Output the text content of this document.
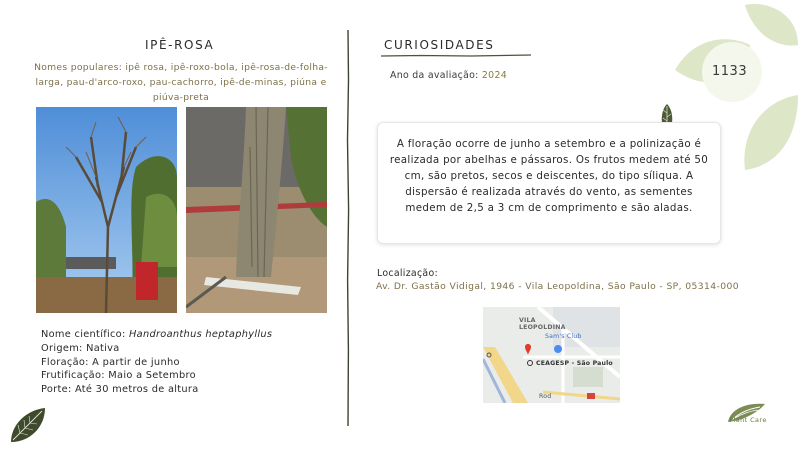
IPÊ-ROSA
Nomes populares: ipê rosa, ipê-roxo-bola, ipê-rosa-de-folha-larga, pau-d'arco-roxo, pau-cachorro, ipê-de-minas, piúna e piúva-preta
Nome científico: Handroanthus heptaphyllus
Origem: Nativa
Floração: A partir de junho
Frutificação: Maio a Setembro
Porte: Até 30 metros de altura
CURIOSIDADES
Ano da avaliação: 2024	1133
A floração ocorre de junho a setembro e a polinização é realizada por abelhas e pássaros. Os frutos medem até 50 cm, são pretos, secos e deiscentes, do tipo síliqua. A dispersão é realizada através do vento, as sementes medem de 2,5 a 3 cm de comprimento e são aladas.
Localização:
Av. Dr. Gastão Vidigal, 1946 - Vila Leopoldina, São Paulo - SP, 05314-000
VILA
LEOPOLDINA
Sam's Club
CEAGESP - São Paulo
Rod
Plant Care
